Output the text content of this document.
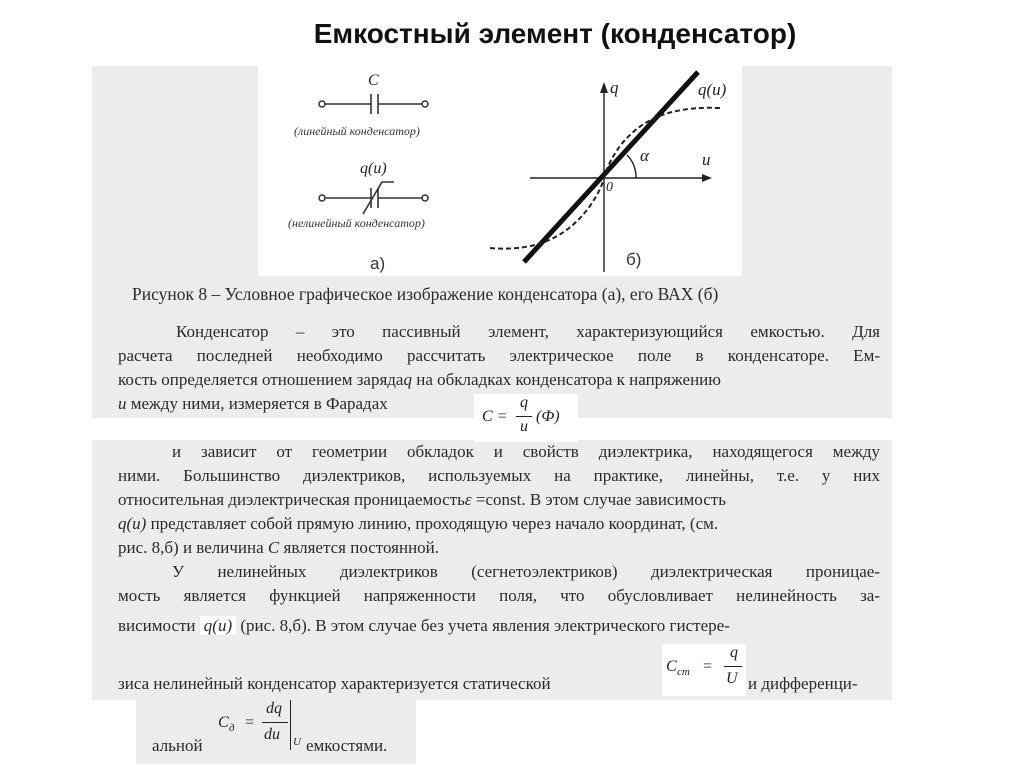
Емкостный элемент (конденсатор)
C
(линейный конденсатор)
q(u)
(нелинейный конденсатор)
а)
q
u
0
q(u)
α
б)
Рисунок 8 – Условное графическое изображение конденсатора (а), его ВАХ (б)
Конденсатор – это пассивный элемент, характеризующийся емкостью. Для
расчета последней необходимо рассчитать электрическое поле в конденсаторе. Ем-
кость определяется отношением зарядаq на обкладках конденсатора к напряжению
u между ними, измеряется в Фарадах
C =
q
u
(Ф)
и зависит от геометрии обкладок и свойств диэлектрика, находящегося между
ними. Большинство диэлектриков, используемых на практике, линейны, т.е. у них
относительная диэлектрическая проницаемостьε =const. В этом случае зависимость
q(u) представляет собой прямую линию, проходящую через начало координат, (см.
рис. 8,б) и величина C является постоянной.
У нелинейных диэлектриков (сегнетоэлектриков) диэлектрическая проницае-
мость является функцией напряженности поля, что обусловливает нелинейность за-
висимости q(u) (рис. 8,б). В этом случае без учета явления электрического гистере-
зиса нелинейный конденсатор характеризуется статической	и дифференци-
C ст =
q
U
альной	емкостями.
C д =
dq
du U
